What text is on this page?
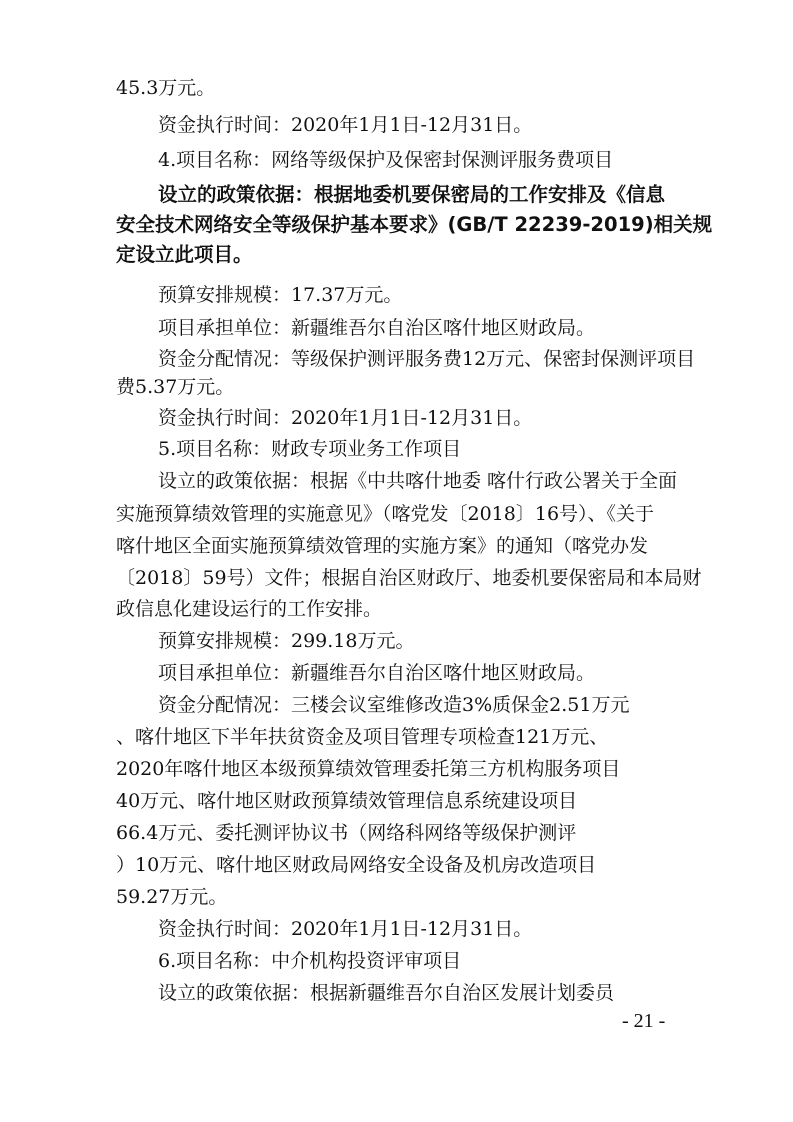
45.3万元。
资金执行时间：2020年1月1日-12月31日。
4.项目名称：网络等级保护及保密封保测评服务费项目
设立的政策依据：根据地委机要保密局的工作安排及《信息
安全技术网络安全等级保护基本要求》(GB/T 22239-2019)相关规
定设立此项目。
预算安排规模：17.37万元。
项目承担单位：新疆维吾尔自治区喀什地区财政局。
资金分配情况：等级保护测评服务费12万元、保密封保测评项目
费5.37万元。
资金执行时间：2020年1月1日-12月31日。
5.项目名称：财政专项业务工作项目
设立的政策依据：根据《中共喀什地委 喀什行政公署关于全面
实施预算绩效管理的实施意见》（喀党发〔2018〕16号）、《关于
喀什地区全面实施预算绩效管理的实施方案》的通知（喀党办发
〔2018〕59号）文件；根据自治区财政厅、地委机要保密局和本局财
政信息化建设运行的工作安排。
预算安排规模：299.18万元。
项目承担单位：新疆维吾尔自治区喀什地区财政局。
资金分配情况：三楼会议室维修改造3%质保金2.51万元
、喀什地区下半年扶贫资金及项目管理专项检查121万元、
2020年喀什地区本级预算绩效管理委托第三方机构服务项目
40万元、喀什地区财政预算绩效管理信息系统建设项目
66.4万元、委托测评协议书（网络科网络等级保护测评
）10万元、喀什地区财政局网络安全设备及机房改造项目
59.27万元。
资金执行时间：2020年1月1日-12月31日。
6.项目名称：中介机构投资评审项目
设立的政策依据：根据新疆维吾尔自治区发展计划委员
- 21 -
